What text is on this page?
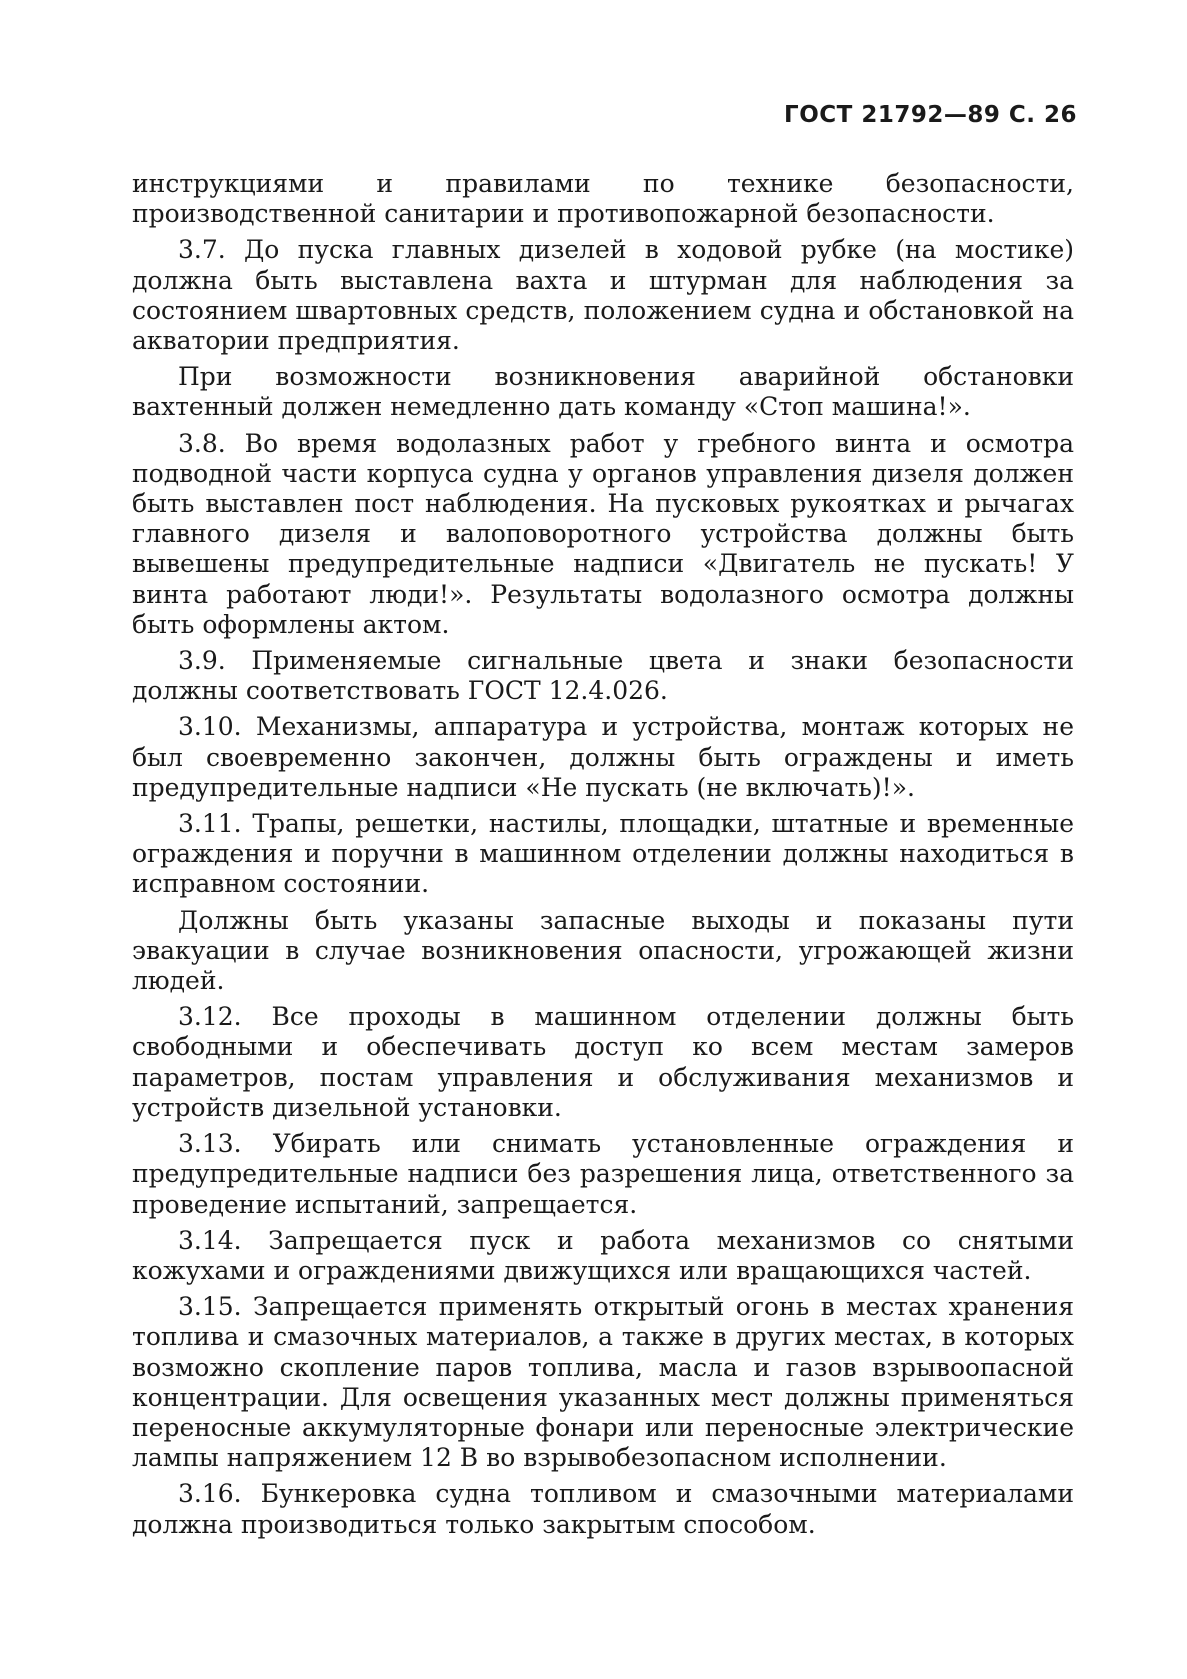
ГОСТ 21792—89 С. 26

инструкциями и правилами по технике безопасности, производственной санитарии и противопожарной безопасности.

3.7. До пуска главных дизелей в ходовой рубке (на мостике) должна быть выставлена вахта и штурман для наблюдения за состоянием швартовных средств, положением судна и обстановкой на акватории предприятия.

При возможности возникновения аварийной обстановки вахтенный должен немедленно дать команду «Стоп машина!».

3.8. Во время водолазных работ у гребного винта и осмотра подводной части корпуса судна у органов управления дизеля должен быть выставлен пост наблюдения. На пусковых рукоятках и рычагах главного дизеля и валоповоротного устройства должны быть вывешены предупредительные надписи «Двигатель не пускать! У винта работают люди!». Результаты водолазного осмотра должны быть оформлены актом.

3.9. Применяемые сигнальные цвета и знаки безопасности должны соответствовать ГОСТ 12.4.026.

3.10. Механизмы, аппаратура и устройства, монтаж которых не был своевременно закончен, должны быть ограждены и иметь предупредительные надписи «Не пускать (не включать)!».

3.11. Трапы, решетки, настилы, площадки, штатные и временные ограждения и поручни в машинном отделении должны находиться в исправном состоянии.

Должны быть указаны запасные выходы и показаны пути эвакуации в случае возникновения опасности, угрожающей жизни людей.

3.12. Все проходы в машинном отделении должны быть свободными и обеспечивать доступ ко всем местам замеров параметров, постам управления и обслуживания механизмов и устройств дизельной установки.

3.13. Убирать или снимать установленные ограждения и предупредительные надписи без разрешения лица, ответственного за проведение испытаний, запрещается.

3.14. Запрещается пуск и работа механизмов со снятыми кожухами и ограждениями движущихся или вращающихся частей.

3.15. Запрещается применять открытый огонь в местах хранения топлива и смазочных материалов, а также в других местах, в которых возможно скопление паров топлива, масла и газов взрывоопасной концентрации. Для освещения указанных мест должны применяться переносные аккумуляторные фонари или переносные электрические лампы напряжением 12 В во взрывобезопасном исполнении.

3.16. Бункеровка судна топливом и смазочными материалами должна производиться только закрытым способом.
